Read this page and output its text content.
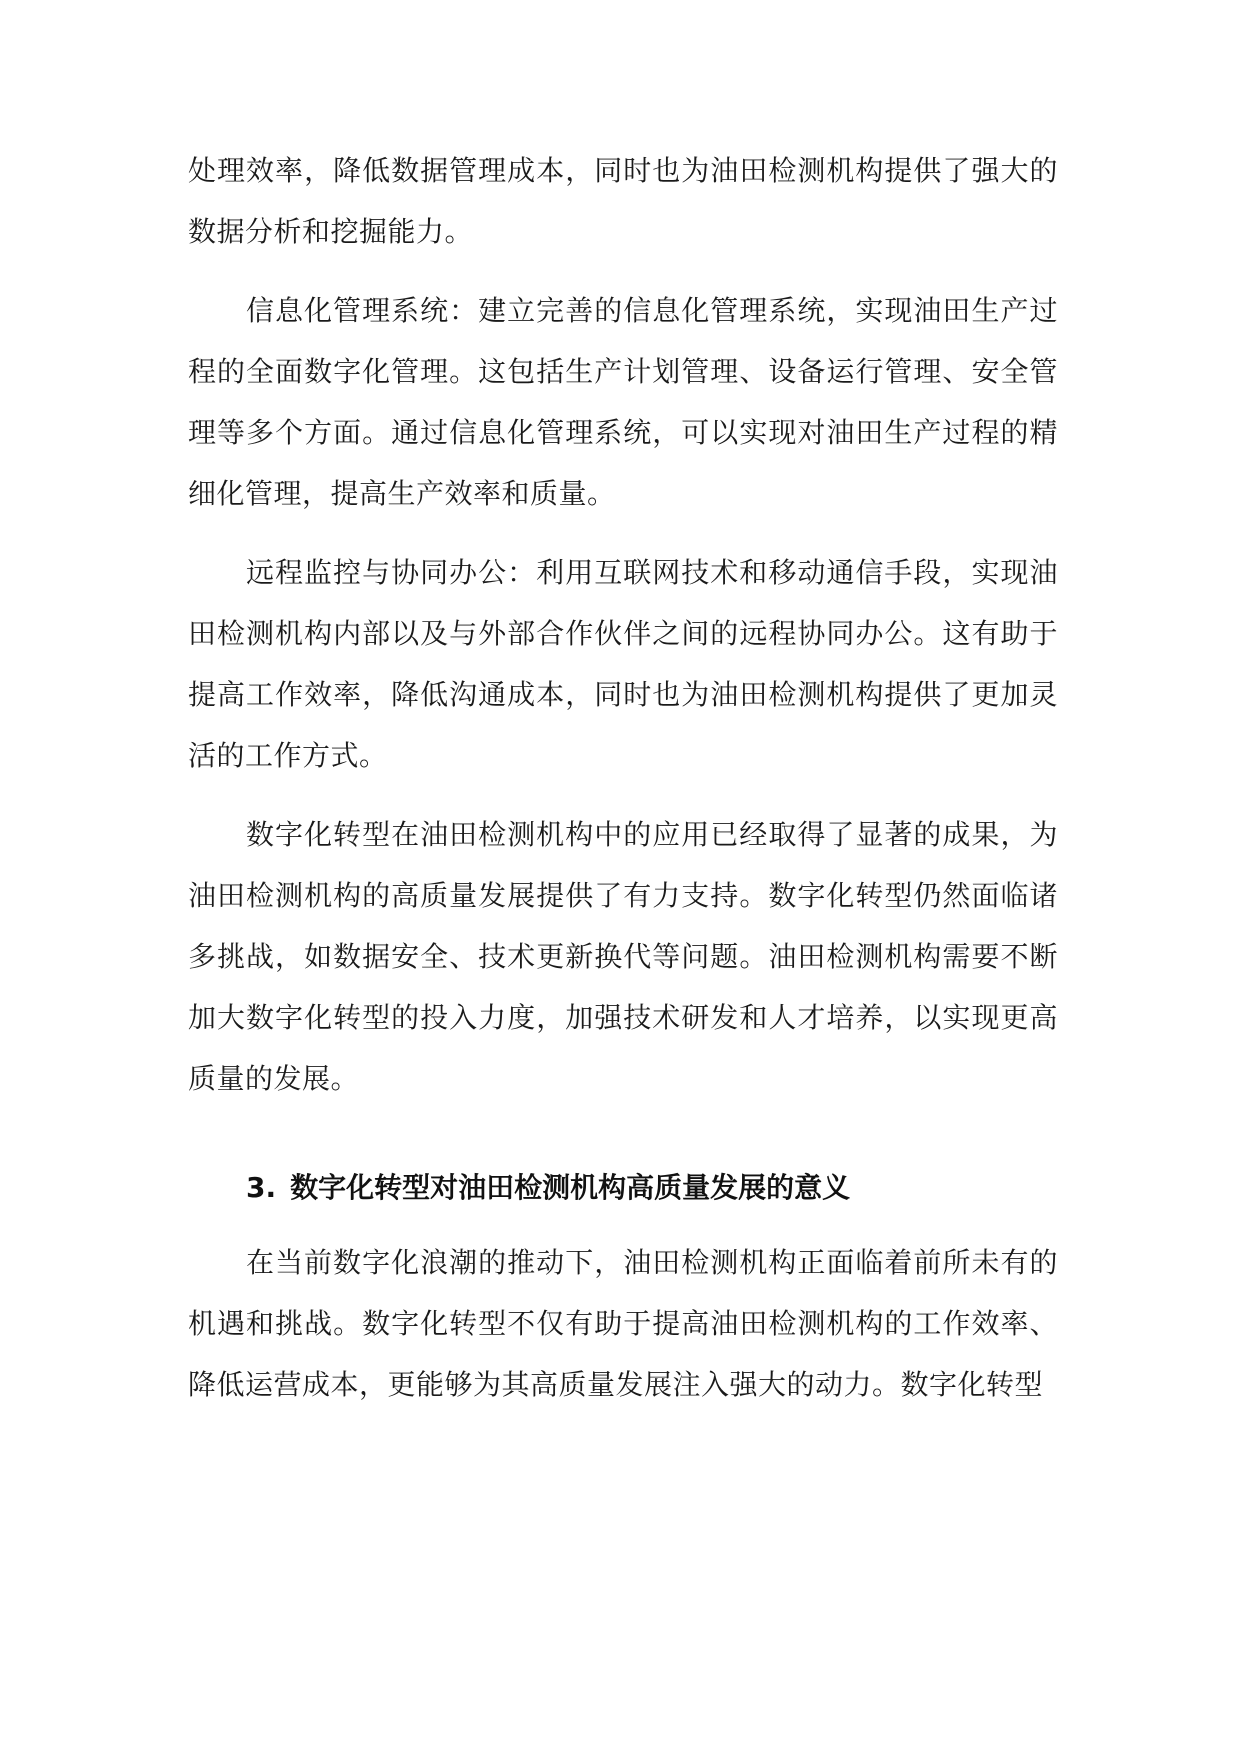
处理效率，降低数据管理成本，同时也为油田检测机构提供了强大的数据分析和挖掘能力。

信息化管理系统：建立完善的信息化管理系统，实现油田生产过程的全面数字化管理。这包括生产计划管理、设备运行管理、安全管理等多个方面。通过信息化管理系统，可以实现对油田生产过程的精细化管理，提高生产效率和质量。

远程监控与协同办公：利用互联网技术和移动通信手段，实现油田检测机构内部以及与外部合作伙伴之间的远程协同办公。这有助于提高工作效率，降低沟通成本，同时也为油田检测机构提供了更加灵活的工作方式。

数字化转型在油田检测机构中的应用已经取得了显著的成果，为油田检测机构的高质量发展提供了有力支持。数字化转型仍然面临诸多挑战，如数据安全、技术更新换代等问题。油田检测机构需要不断加大数字化转型的投入力度，加强技术研发和人才培养，以实现更高质量的发展。

3. 数字化转型对油田检测机构高质量发展的意义

在当前数字化浪潮的推动下，油田检测机构正面临着前所未有的机遇和挑战。数字化转型不仅有助于提高油田检测机构的工作效率、降低运营成本，更能够为其高质量发展注入强大的动力。数字化转型
